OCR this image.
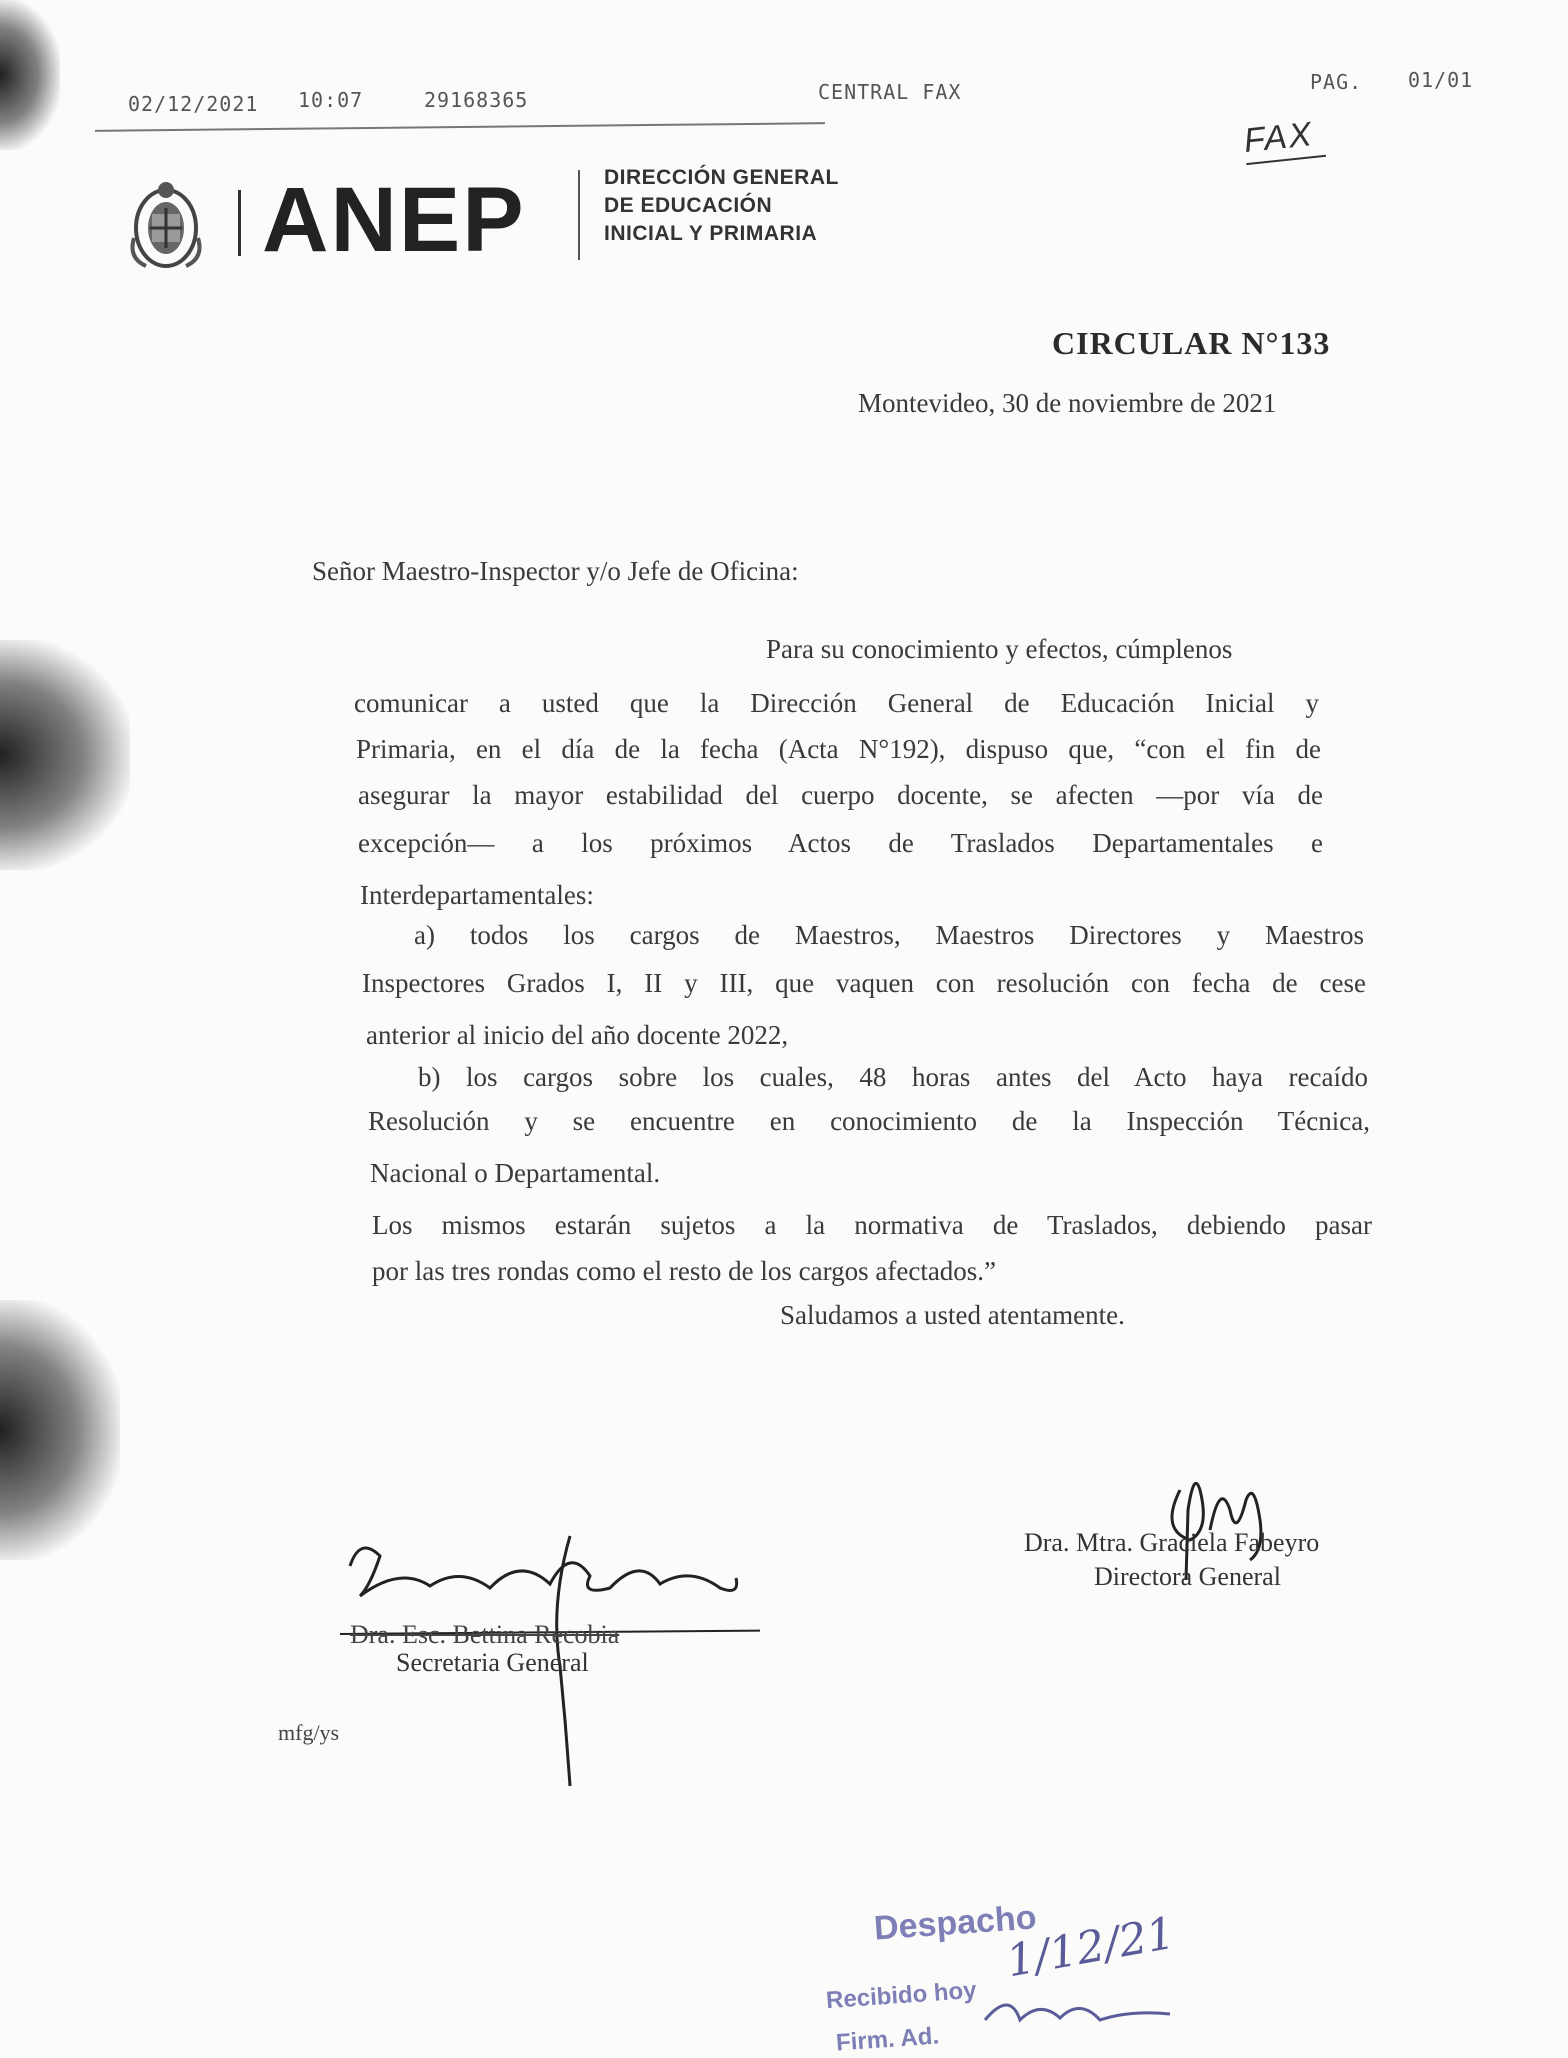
02/12/2021 10:07	29168365	CENTRAL FAX	PAG. 01/01
FAX
ANEP	DIRECCIÓN GENERAL
DE EDUCACIÓN
INICIAL Y PRIMARIA
CIRCULAR N°133
Montevideo, 30 de noviembre de 2021
Señor Maestro-Inspector y/o Jefe de Oficina:
Para su conocimiento y efectos, cúmplenos
comunicar a usted que la Dirección General de Educación Inicial y
Primaria, en el día de la fecha (Acta N°192), dispuso que, “con el fin de
asegurar la mayor estabilidad del cuerpo docente, se afecten —por vía de
excepción— a los próximos Actos de Traslados Departamentales e
Interdepartamentales:
a) todos los cargos de Maestros, Maestros Directores y Maestros
Inspectores Grados I, II y III, que vaquen con resolución con fecha de cese
anterior al inicio del año docente 2022,
b) los cargos sobre los cuales, 48 horas antes del Acto haya recaído
Resolución y se encuentre en conocimiento de la Inspección Técnica,
Nacional o Departamental.
Los mismos estarán sujetos a la normativa de Traslados, debiendo pasar
por las tres rondas como el resto de los cargos afectados.”
Saludamos a usted atentamente.
Dra. Mtra. Graciela Fabeyro
Directora General
Dra. Esc. Bettina Recobia
Secretaria General
mfg/ys
Despacho
Recibido hoy
Firm. Ad.
1/12/21
